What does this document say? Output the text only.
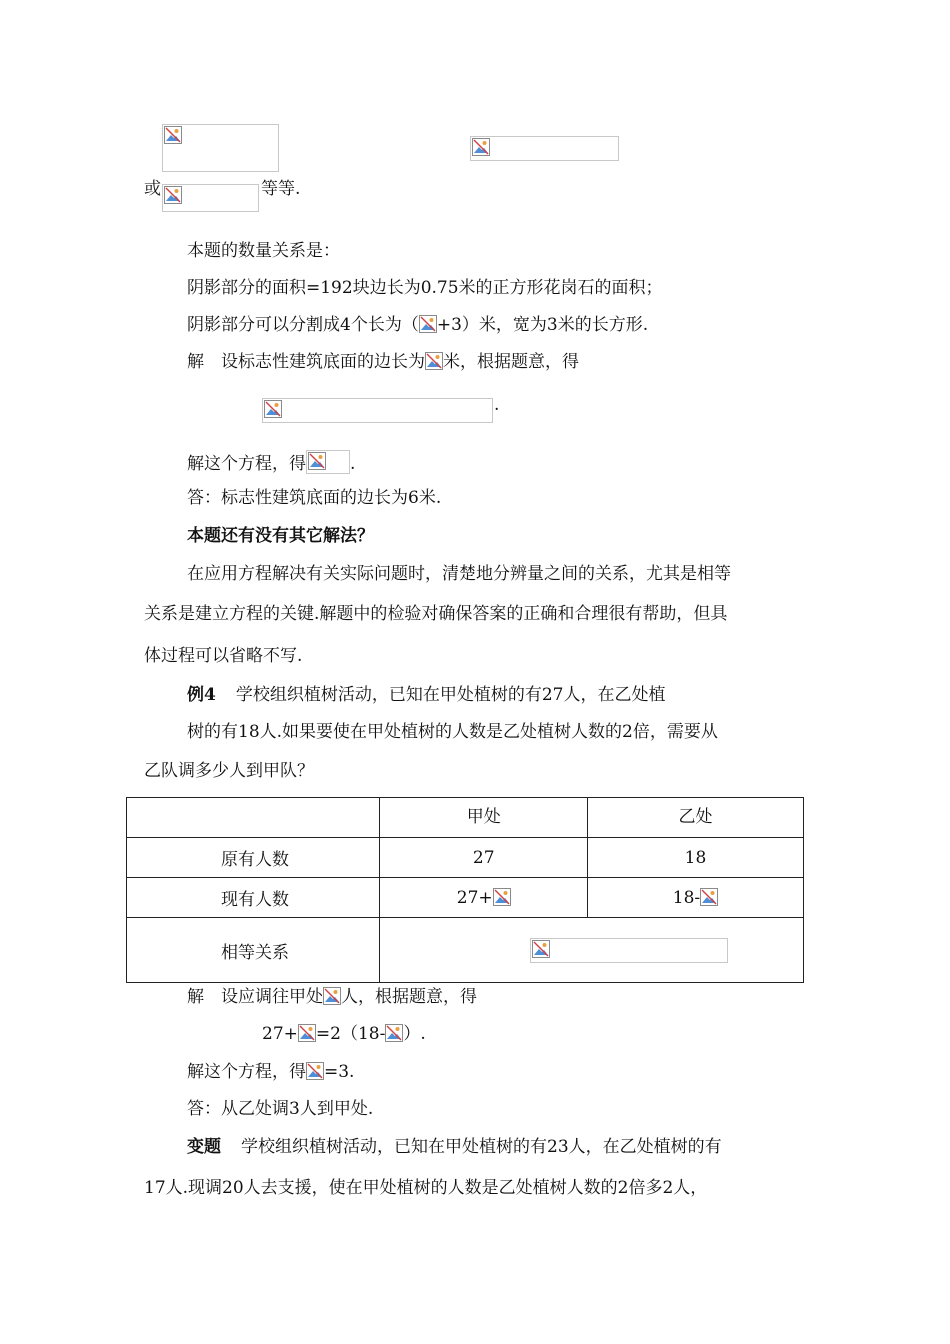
或	等等.
本题的数量关系是：
阴影部分的面积=192块边长为0.75米的正方形花岗石的面积；
阴影部分可以分割成4个长为（ +3）米，宽为3米的长方形.
解　设标志性建筑底面的边长为 米，根据题意，得
.
解这个方程，得	.
答：标志性建筑底面的边长为6米.
本题还有没有其它解法？
在应用方程解决有关实际问题时，清楚地分辨量之间的关系，尤其是相等
关系是建立方程的关键.解题中的检验对确保答案的正确和合理很有帮助，但具
体过程可以省略不写.
例4 学校组织植树活动，已知在甲处植树的有27人，在乙处植
树的有18人.如果要使在甲处植树的人数是乙处植树人数的2倍，需要从
乙队调多少人到甲队？
	甲处	乙处
原有人数	27	18
现有人数	27+	18-

相等关系	
解　设应调往甲处 人，根据题意，得
27+ =2（18- ）.
解这个方程，得 =3.
答：从乙处调3人到甲处.
变题 学校组织植树活动，已知在甲处植树的有23人，在乙处植树的有
17人.现调20人去支援，使在甲处植树的人数是乙处植树人数的2倍多2人，
